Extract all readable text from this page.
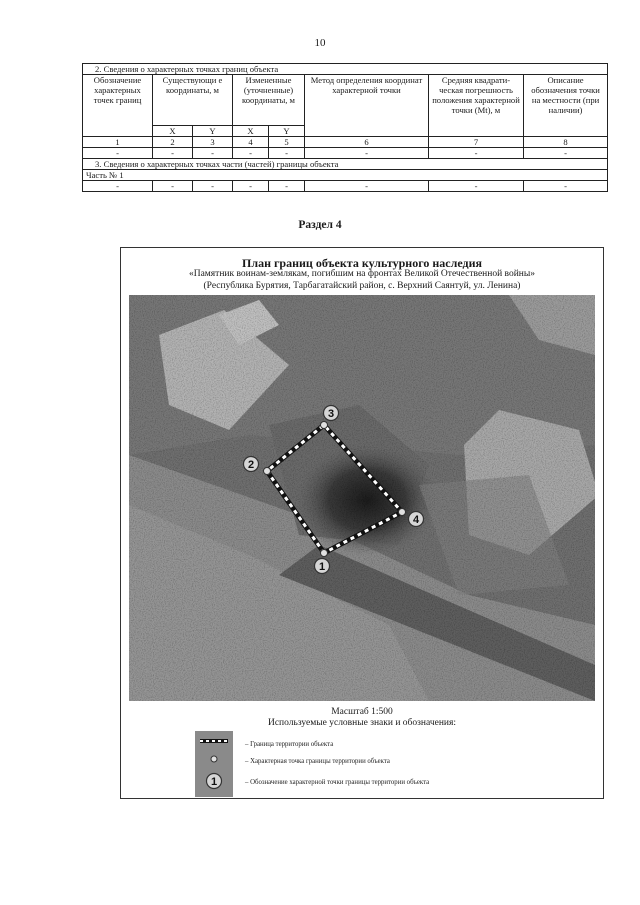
10
2. Сведения о характерных точках границ объекта							
Обозначение характерных точек границ	Существующи е координаты, м		Измененные (уточненные) координаты, м		Метод определения координат характерной точки	Средняя квадрати- ческая погрешность положения характерной точки (Mt), м	Описание обозначения точки на местности (при наличии)
	X	Y	X	Y			
1	2	3	4	5	6	7	8
-	-	-	-	-	-	-	-
3. Сведения о характерных точках части (частей) границы объекта							
Часть № 1							
-	-	-	-	-	-	-	-
Раздел 4
План границ объекта культурного наследия
«Памятник воинам-землякам, погибшим на фронтах Великой Отечественной войны»
(Республика Бурятия, Тарбагатайский район, с. Верхний Саянтуй, ул. Ленина)
1
2
3
4
Масштаб 1:500
Используемые условные знаки и обозначения:
1
– Граница территории объекта
– Характерная точка границы территории объекта
– Обозначение характерной точки границы территории объекта
